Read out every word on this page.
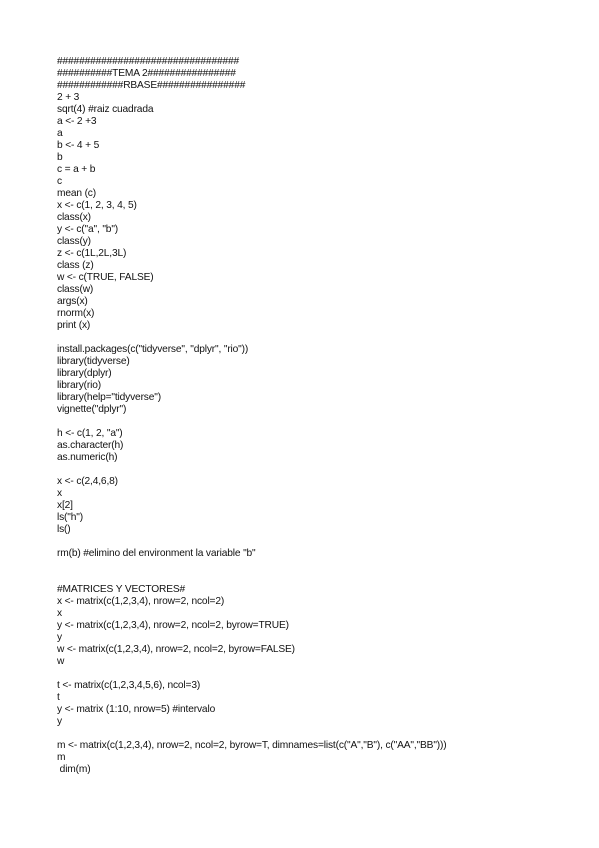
#################################
##########TEMA 2################
############RBASE################
2 + 3
sqrt(4) #raiz cuadrada
a <- 2 +3
a
b <- 4 + 5
b
c = a + b
c
mean (c)
x <- c(1, 2, 3, 4, 5)
class(x)
y <- c("a", "b")
class(y)
z <- c(1L,2L,3L)
class (z)
w <- c(TRUE, FALSE)
class(w)
args(x)
rnorm(x)
print (x)
install.packages(c("tidyverse", "dplyr", "rio"))
library(tidyverse)
library(dplyr)
library(rio)
library(help="tidyverse")
vignette("dplyr")
h <- c(1, 2, "a")
as.character(h)
as.numeric(h)
x <- c(2,4,6,8)
x
x[2]
ls("h")
ls()
rm(b) #elimino del environment la variable "b"
#MATRICES Y VECTORES#
x <- matrix(c(1,2,3,4), nrow=2, ncol=2)
x
y <- matrix(c(1,2,3,4), nrow=2, ncol=2, byrow=TRUE)
y
w <- matrix(c(1,2,3,4), nrow=2, ncol=2, byrow=FALSE)
w
t <- matrix(c(1,2,3,4,5,6), ncol=3)
t
y <- matrix (1:10, nrow=5) #intervalo
y
m <- matrix(c(1,2,3,4), nrow=2, ncol=2, byrow=T, dimnames=list(c("A","B"), c("AA","BB")))
m
dim(m)
